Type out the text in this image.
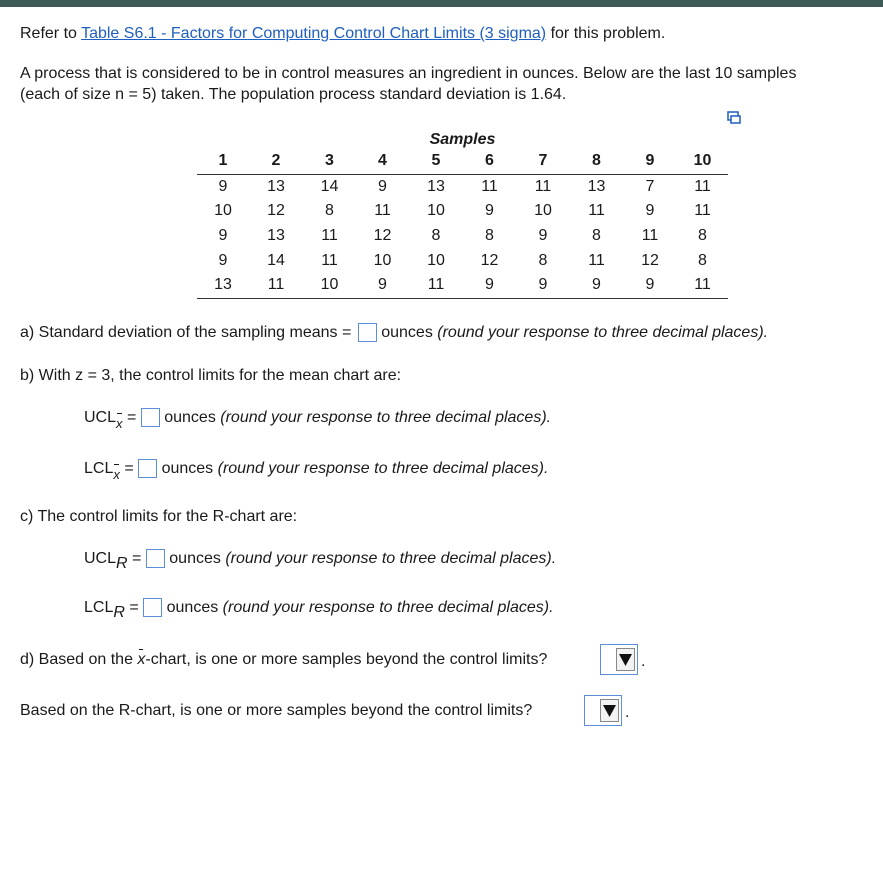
Refer to Table S6.1 - Factors for Computing Control Chart Limits (3 sigma) for this problem.
A process that is considered to be in control measures an ingredient in ounces. Below are the last 10 samples
(each of size n = 5) taken. The population process standard deviation is 1.64.
Samples									
1	2	3	4	5	6	7	8	9	10
9	13	14	9	13	11	11	13	7	11
10	12	8	11	10	9	10	11	9	11
9	13	11	12	8	8	9	8	11	8
9	14	11	10	10	12	8	11	12	8
13	11	10	9	11	9	9	9	9	11
a) Standard deviation of the sampling means = ounces (round your response to three decimal places).
b) With z = 3, the control limits for the mean chart are:
UCLx = ounces (round your response to three decimal places).
LCLx = ounces (round your response to three decimal places).
c) The control limits for the R-chart are:
UCLR = ounces (round your response to three decimal places).
LCLR = ounces (round your response to three decimal places).
d) Based on the x-chart, is one or more samples beyond the control limits?	.
Based on the R-chart, is one or more samples beyond the control limits?	.
